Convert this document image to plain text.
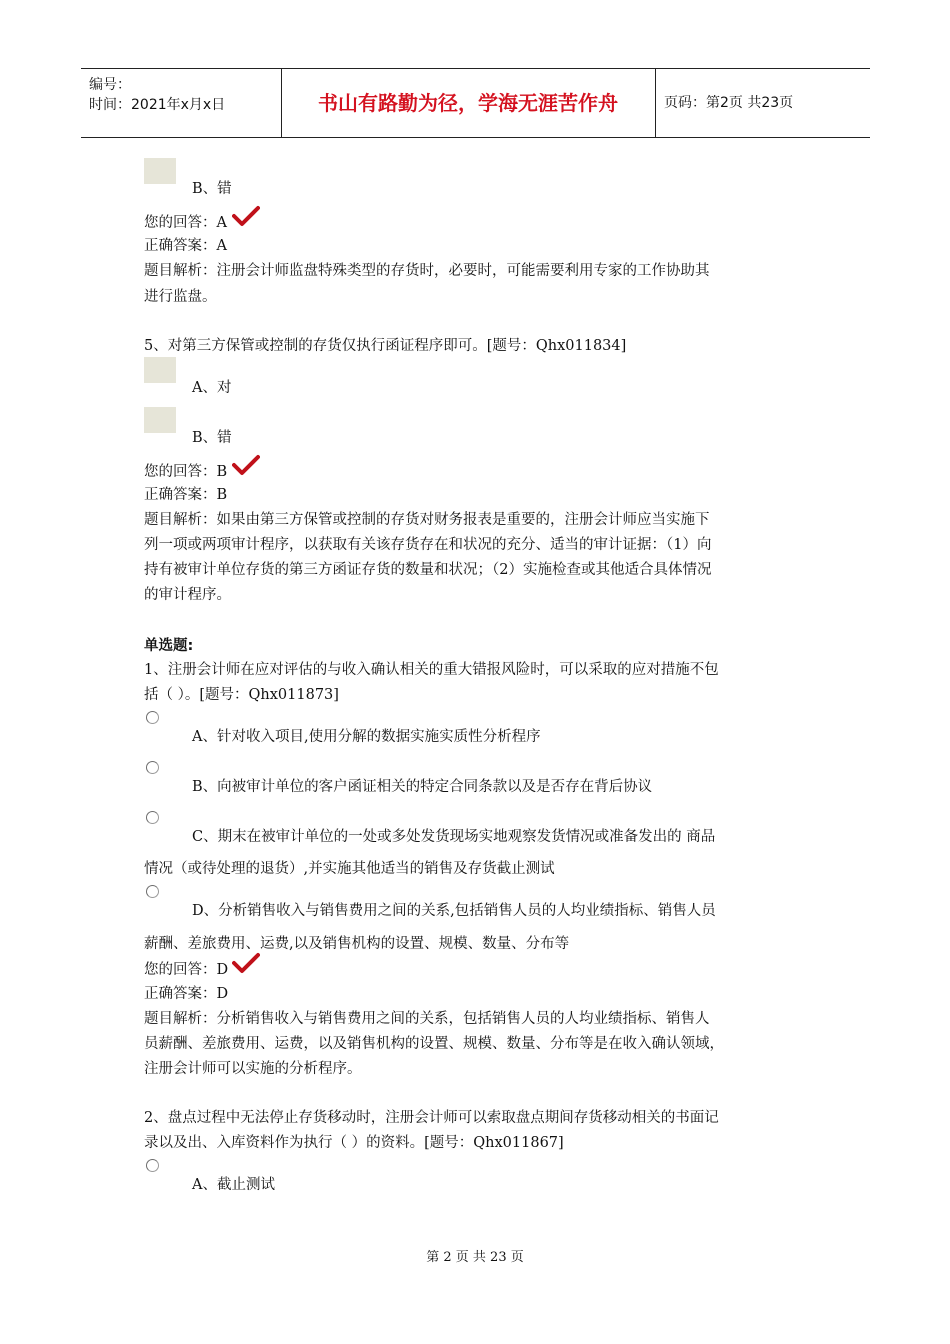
编号：
时间：2021年x月x日	书山有路勤为径，学海无涯苦作舟	页码：第2页 共23页
B、错
您的回答：A
正确答案：A
题目解析：注册会计师监盘特殊类型的存货时，必要时，可能需要利用专家的工作协助其
进行监盘。
5、对第三方保管或控制的存货仅执行函证程序即可。[题号：Qhx011834]
A、对
B、错
您的回答：B
正确答案：B
题目解析：如果由第三方保管或控制的存货对财务报表是重要的，注册会计师应当实施下
列一项或两项审计程序，以获取有关该存货存在和状况的充分、适当的审计证据：（1）向
持有被审计单位存货的第三方函证存货的数量和状况；（2）实施检查或其他适合具体情况
的审计程序。
单选题:
1、注册会计师在应对评估的与收入确认相关的重大错报风险时，可以采取的应对措施不包
括（ ）。[题号：Qhx011873]
A、针对收入项目,使用分解的数据实施实质性分析程序
B、向被审计单位的客户函证相关的特定合同条款以及是否存在背后协议
C、期末在被审计单位的一处或多处发货现场实地观察发货情况或准备发出的 商品
情况（或待处理的退货）,并实施其他适当的销售及存货截止测试
D、分析销售收入与销售费用之间的关系,包括销售人员的人均业绩指标、销售人员
薪酬、差旅费用、运费,以及销售机构的设置、规模、数量、分布等
您的回答：D
正确答案：D
题目解析：分析销售收入与销售费用之间的关系，包括销售人员的人均业绩指标、销售人
员薪酬、差旅费用、运费，以及销售机构的设置、规模、数量、分布等是在收入确认领域，
注册会计师可以实施的分析程序。
2、盘点过程中无法停止存货移动时，注册会计师可以索取盘点期间存货移动相关的书面记
录以及出、入库资料作为执行（ ）的资料。[题号：Qhx011867]
A、截止测试
第 2 页 共 23 页
